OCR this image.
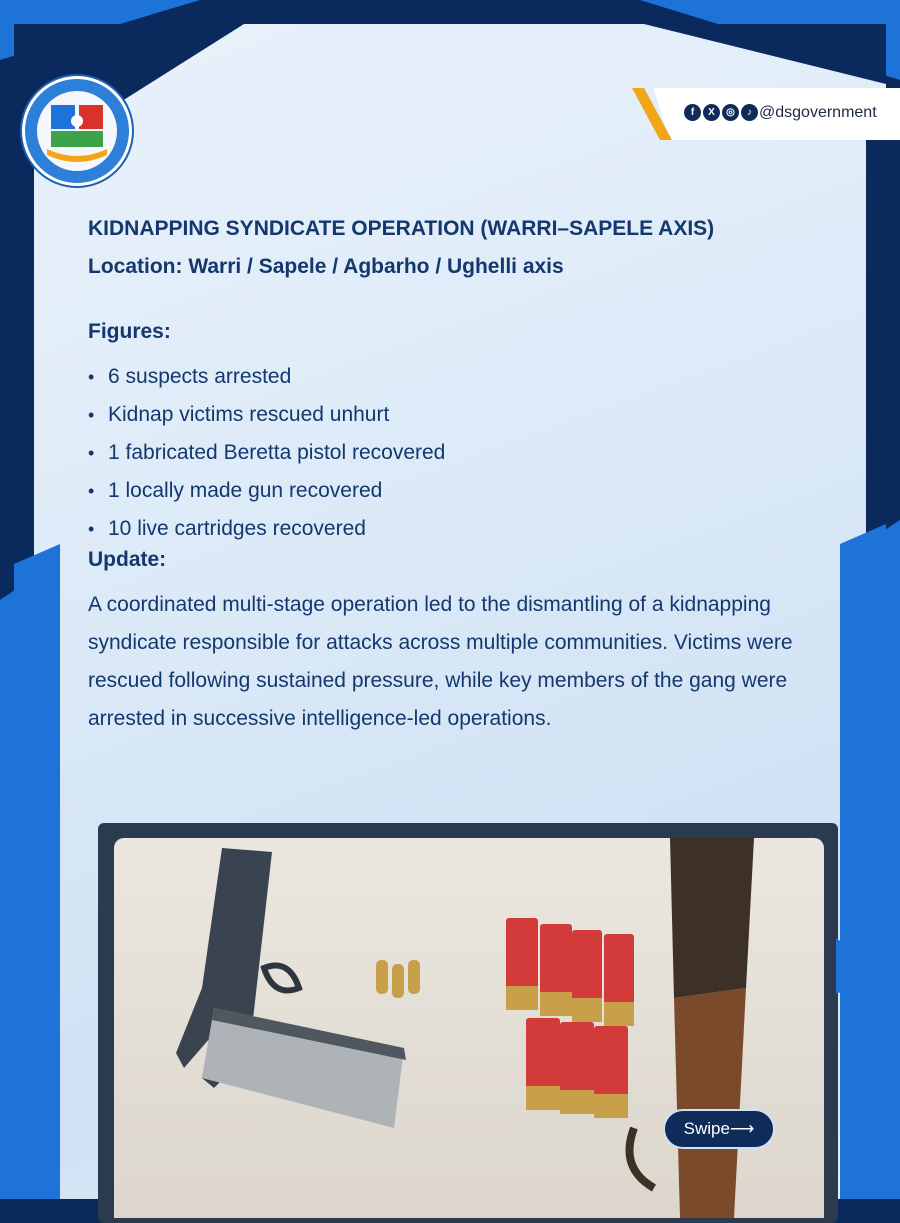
f	X	◎	♪ @dsgovernment
KIDNAPPING SYNDICATE OPERATION (WARRI–SAPELE AXIS)
Location: Warri / Sapele / Agbarho / Ughelli axis
Figures:
• 6 suspects arrested
• Kidnap victims rescued unhurt
• 1 fabricated Beretta pistol recovered
• 1 locally made gun recovered
• 10 live cartridges recovered
Update:
A coordinated multi-stage operation led to the dismantling of a kidnapping syndicate responsible for attacks across multiple communities. Victims were rescued following sustained pressure, while key members of the gang were arrested in successive intelligence-led operations.
Swipe⟶
